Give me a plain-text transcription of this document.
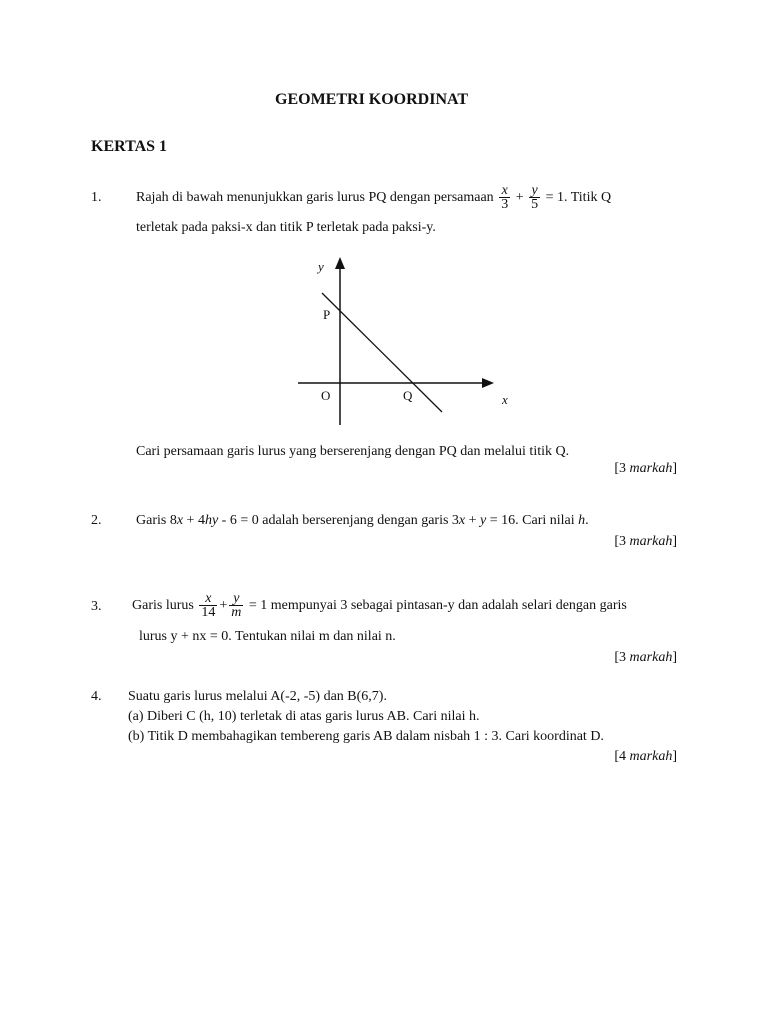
GEOMETRI KOORDINAT
KERTAS 1
1. Rajah di bawah menunjukkan garis lurus PQ dengan persamaan $\frac{x}{3} + \frac{y}{5} = 1$. Titik Q
terletak pada paksi-x dan titik P terletak pada paksi-y.
y
P
O	Q	x
Cari persamaan garis lurus yang berserenjang dengan PQ dan melalui titik Q.
[3 markah]
2. Garis 8x + 4hy - 6 = 0 adalah berserenjang dengan garis 3x + y = 16. Cari nilai h.
[3 markah]
3. Garis lurus $\frac{x}{14} + \frac{y}{m} = 1$ mempunyai 3 sebagai pintasan-y dan adalah selari dengan garis
lurus y + nx = 0. Tentukan nilai m dan nilai n.
[3 markah]
4. Suatu garis lurus melalui A(-2, -5) dan B(6,7).
(a) Diberi C (h, 10) terletak di atas garis lurus AB. Cari nilai h.
(b) Titik D membahagikan tembereng garis AB dalam nisbah 1 : 3. Cari koordinat D.
[4 markah]
